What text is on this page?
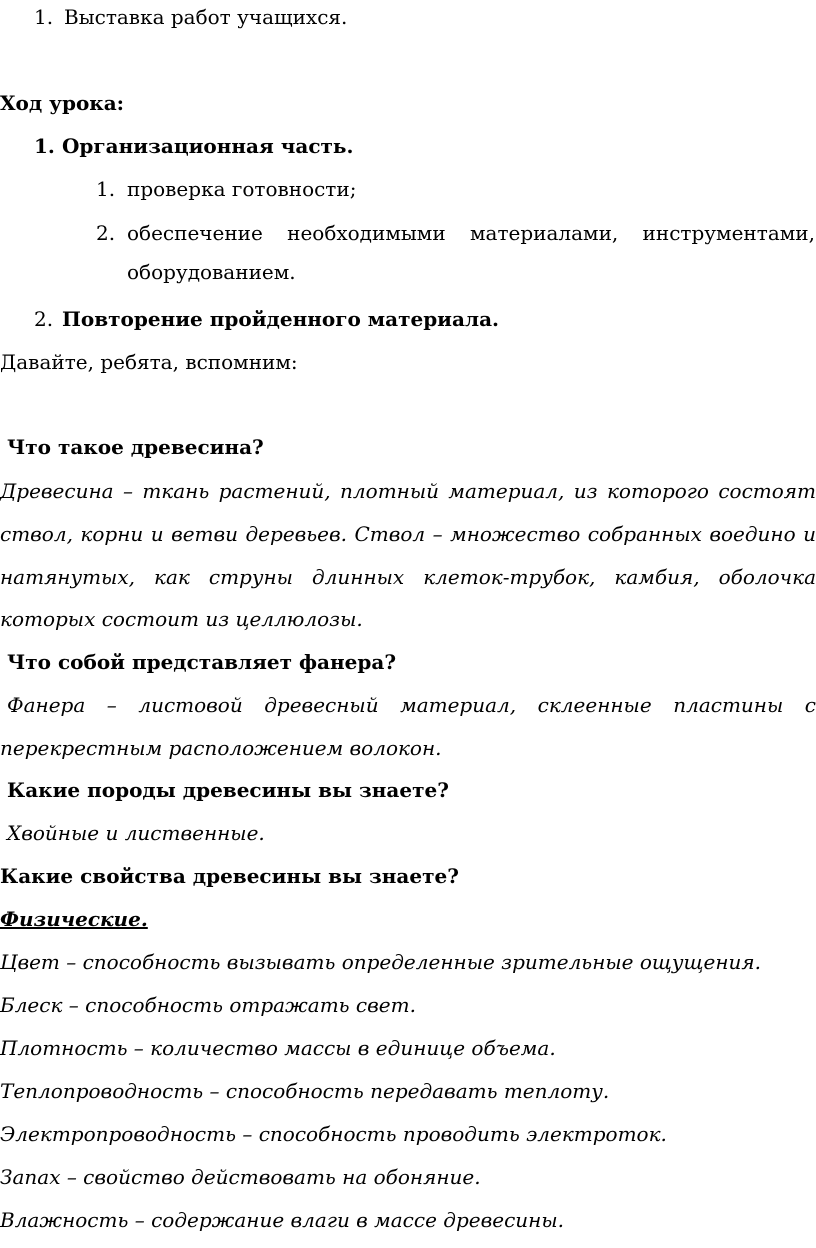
1. Выставка работ учащихся.
Ход урока:
1. Организационная часть.
1. проверка готовности;
2. обеспечение необходимыми материалами, инструментами,
оборудованием.
2. Повторение пройденного материала.
Давайте, ребята, вспомним:
Что такое древесина?
Древесина – ткань растений, плотный материал, из которого состоят
ствол, корни и ветви деревьев. Ствол – множество собранных воедино и
натянутых, как струны длинных клеток-трубок, камбия, оболочка
которых состоит из целлюлозы.
Что собой представляет фанера?
Фанера – листовой древесный материал, склеенные пластины с
перекрестным расположением волокон.
Какие породы древесины вы знаете?
Хвойные и лиственные.
Какие свойства древесины вы знаете?
Физические.
Цвет – способность вызывать определенные зрительные ощущения.
Блеск – способность отражать свет.
Плотность – количество массы в единице объема.
Теплопроводность – способность передавать теплоту.
Электропроводность – способность проводить электроток.
Запах – свойство действовать на обоняние.
Влажность – содержание влаги в массе древесины.
